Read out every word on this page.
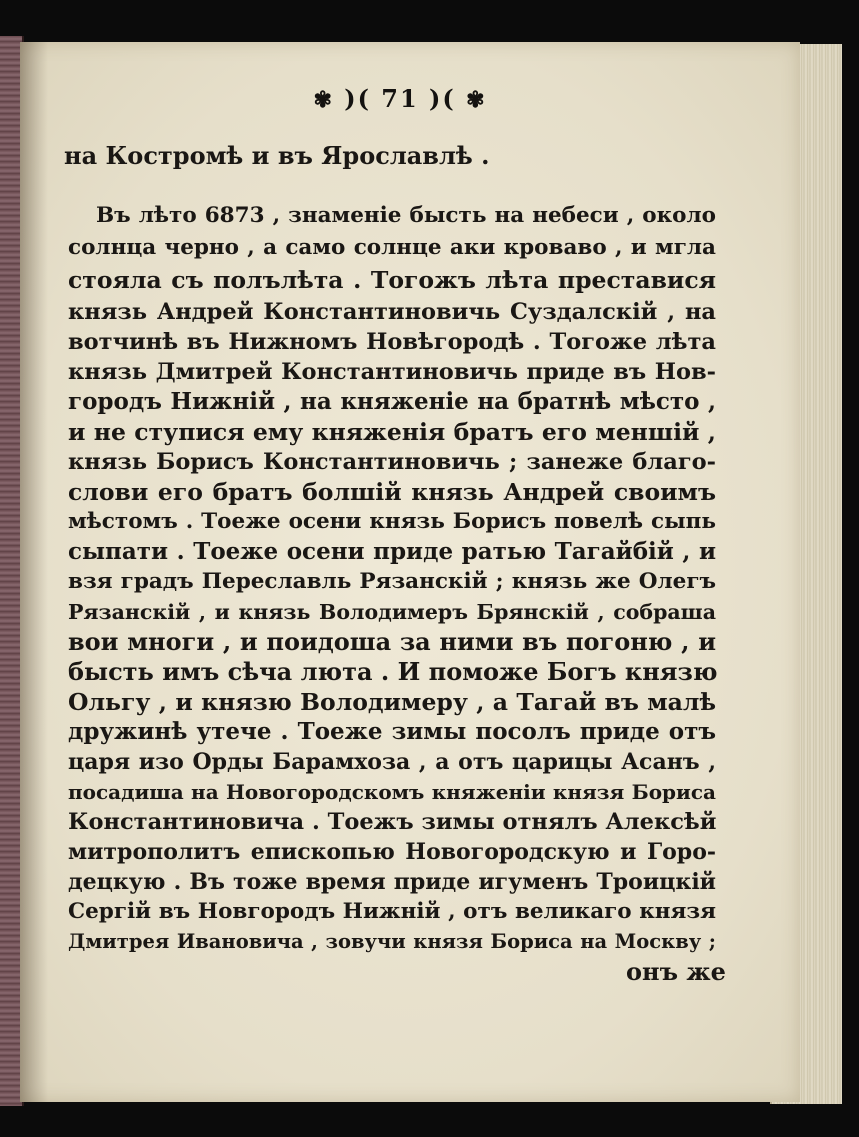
✾ )( 71 )( ✾
на Костромѣ и въ Ярославлѣ .
Въ лѣто 6873 , знаменіе бысть на небеси , около
солнца черно , а само солнце аки кроваво , и мгла
стояла съ полълѣта . Тогожъ лѣта преставися
князь Андрей Константиновичь Суздалскій , на
вотчинѣ въ Нижномъ Новѣгородѣ . Тогоже лѣта
князь Дмитрей Константиновичь приде въ Нов-
городъ Нижній , на княженіе на братнѣ мѣсто ,
и не ступися ему княженія братъ его меншій ,
князь Борисъ Константиновичь ; занеже благо-
слови его братъ болшій князь Андрей своимъ
мѣстомъ . Тоеже осени князь Борисъ повелѣ сыпь
сыпати . Тоеже осени приде ратью Тагайбій , и
взя градъ Переславль Рязанскій ; князь же Олегъ
Рязанскій , и князь Володимеръ Брянскій , собраша
вои многи , и поидоша за ними въ погоню , и
бысть имъ сѣча люта . И поможе Богъ князю
Ольгу , и князю Володимеру , а Тагай въ малѣ
дружинѣ утече . Тоеже зимы посолъ приде отъ
царя изо Орды Барамхоза , а отъ царицы Асанъ ,
посадиша на Новогородскомъ княженіи князя Бориса
Константиновича . Тоежъ зимы отнялъ Алексѣй
митрополитъ епископью Новогородскую и Горо-
децкую . Въ тоже время приде игуменъ Троицкій
Сергій въ Новгородъ Нижній , отъ великаго князя
Дмитрея Ивановича , зовучи князя Бориса на Москву ;
онъ же
